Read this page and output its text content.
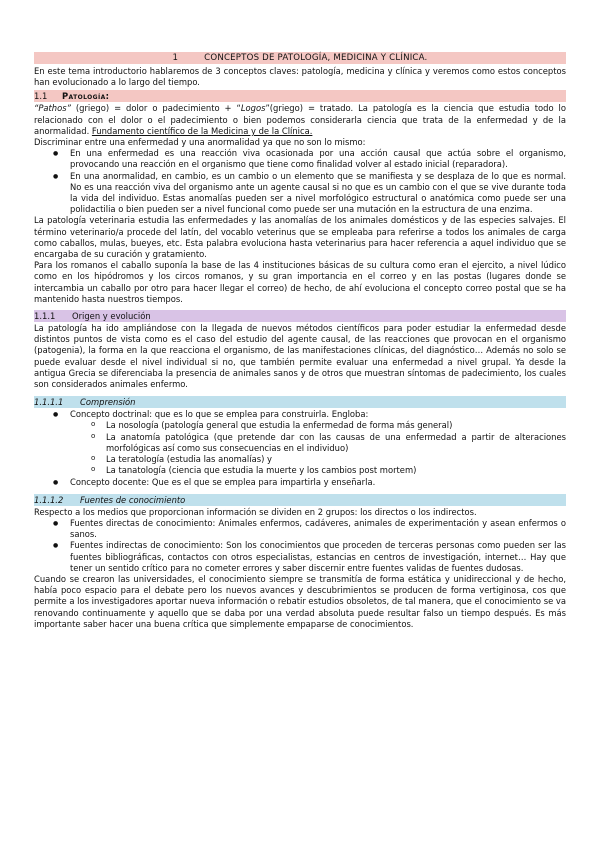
1	CONCEPTOS DE PATOLOGÍA, MEDICINA Y CLÍNICA.

En este tema introductorio hablaremos de 3 conceptos claves: patología, medicina y clínica y veremos como estos conceptos han evolucionado a lo largo del tiempo.

1.1	Patología:

“Pathos” (griego) = dolor o padecimiento + “Logos”(griego) = tratado. La patología es la ciencia que estudia todo lo relacionado con el dolor o el padecimiento o bien podemos considerarla ciencia que trata de la enfermedad y de la anormalidad. Fundamento científico de la Medicina y de la Clínica.

Discriminar entre una enfermedad y una anormalidad ya que no son lo mismo:

● En una enfermedad es una reacción viva ocasionada por una acción causal que actúa sobre el organismo, provocando una reacción en el organismo que tiene como finalidad volver al estado inicial (reparadora).
● En una anormalidad, en cambio, es un cambio o un elemento que se manifiesta y se desplaza de lo que es normal. No es una reacción viva del organismo ante un agente causal si no que es un cambio con el que se vive durante toda la vida del individuo. Estas anomalías pueden ser a nivel morfológico estructural o anatómica como puede ser una polidactilia o bien pueden ser a nivel funcional como puede ser una mutación en la estructura de una enzima.

La patología veterinaria estudia las enfermedades y las anomalías de los animales domésticos y de las especies salvajes. El término veterinario/a procede del latín, del vocablo veterinus que se empleaba para referirse a todos los animales de carga como caballos, mulas, bueyes, etc. Esta palabra evoluciona hasta veterinarius para hacer referencia a aquel individuo que se encargaba de su curación y gratamiento.

Para los romanos el caballo suponía la base de las 4 instituciones básicas de su cultura como eran el ejercito, a nivel lúdico como en los hipódromos y los circos romanos, y su gran importancia en el correo y en las postas (lugares donde se intercambia un caballo por otro para hacer llegar el correo) de hecho, de ahí evoluciona el concepto correo postal que se ha mantenido hasta nuestros tiempos.

1.1.1	Origen y evolución

La patología ha ido ampliándose con la llegada de nuevos métodos científicos para poder estudiar la enfermedad desde distintos puntos de vista como es el caso del estudio del agente causal, de las reacciones que provocan en el organismo (patogenia), la forma en la que reacciona el organismo, de las manifestaciones clínicas, del diagnóstico… Además no solo se puede evaluar desde el nivel individual si no, que también permite evaluar una enfermedad a nivel grupal. Ya desde la antigua Grecia se diferenciaba la presencia de animales sanos y de otros que muestran síntomas de padecimiento, los cuales son considerados animales enfermo.

1.1.1.1	Comprensión
● Concepto doctrinal: que es lo que se emplea para construirla. Engloba:
o La nosología (patología general que estudia la enfermedad de forma más general)
o La anatomía patológica (que pretende dar con las causas de una enfermedad a partir de alteraciones morfológicas así como sus consecuencias en el individuo)
o La teratología (estudia las anomalías) y
o La tanatología (ciencia que estudia la muerte y los cambios post mortem)
● Concepto docente: Que es el que se emplea para impartirla y enseñarla.
1.1.1.2	Fuentes de conocimiento

Respecto a los medios que proporcionan información se dividen en 2 grupos: los directos o los indirectos.

● Fuentes directas de conocimiento: Animales enfermos, cadáveres, animales de experimentación y asean enfermos o sanos.
● Fuentes indirectas de conocimiento: Son los conocimientos que proceden de terceras personas como pueden ser las fuentes bibliográficas, contactos con otros especialistas, estancias en centros de investigación, internet… Hay que tener un sentido crítico para no cometer errores y saber discernir entre fuentes validas de fuentes dudosas.

Cuando se crearon las universidades, el conocimiento siempre se transmitía de forma estática y unidireccional y de hecho, había poco espacio para el debate pero los nuevos avances y descubrimientos se producen de forma vertiginosa, cos que permite a los investigadores aportar nueva información o rebatir estudios obsoletos, de tal manera, que el conocimiento se va renovando continuamente y aquello que se daba por una verdad absoluta puede resultar falso un tiempo después. Es más importante saber hacer una buena crítica que simplemente empaparse de conocimientos.
